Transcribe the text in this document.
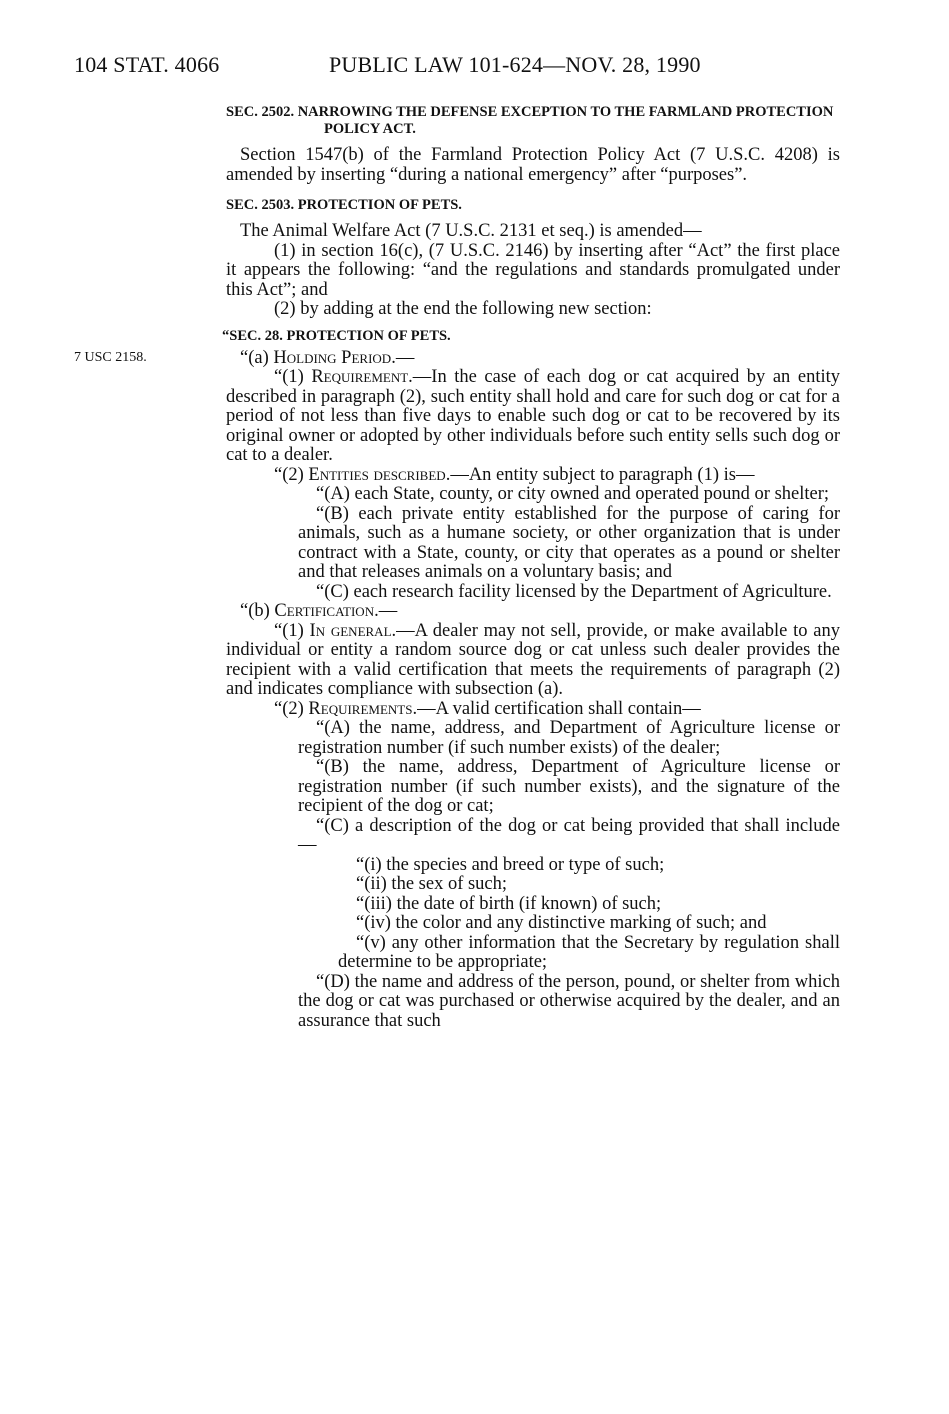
104 STAT. 4066	PUBLIC LAW 101-624—NOV. 28, 1990
7 USC 2158.

SEC. 2502. NARROWING THE DEFENSE EXCEPTION TO THE FARMLAND PROTECTION POLICY ACT.

Section 1547(b) of the Farmland Protection Policy Act (7 U.S.C. 4208) is amended by inserting “during a national emergency” after “purposes”.

SEC. 2503. PROTECTION OF PETS.

The Animal Welfare Act (7 U.S.C. 2131 et seq.) is amended—

(1) in section 16(c), (7 U.S.C. 2146) by inserting after “Act” the first place it appears the following: “and the regulations and standards promulgated under this Act”; and

(2) by adding at the end the following new section:

“SEC. 28. PROTECTION OF PETS.

“(a) Holding Period.—

“(1) Requirement.—In the case of each dog or cat acquired by an entity described in paragraph (2), such entity shall hold and care for such dog or cat for a period of not less than five days to enable such dog or cat to be recovered by its original owner or adopted by other individuals before such entity sells such dog or cat to a dealer.

“(2) Entities described.—An entity subject to paragraph (1) is—

“(A) each State, county, or city owned and operated pound or shelter;

“(B) each private entity established for the purpose of caring for animals, such as a humane society, or other organization that is under contract with a State, county, or city that operates as a pound or shelter and that releases animals on a voluntary basis; and

“(C) each research facility licensed by the Department of Agriculture.

“(b) Certification.—

“(1) In general.—A dealer may not sell, provide, or make available to any individual or entity a random source dog or cat unless such dealer provides the recipient with a valid certification that meets the requirements of paragraph (2) and indicates compliance with subsection (a).

“(2) Requirements.—A valid certification shall contain—

“(A) the name, address, and Department of Agriculture license or registration number (if such number exists) of the dealer;

“(B) the name, address, Department of Agriculture license or registration number (if such number exists), and the signature of the recipient of the dog or cat;

“(C) a description of the dog or cat being provided that shall include—

“(i) the species and breed or type of such;

“(ii) the sex of such;

“(iii) the date of birth (if known) of such;

“(iv) the color and any distinctive marking of such; and

“(v) any other information that the Secretary by regulation shall determine to be appropriate;

“(D) the name and address of the person, pound, or shelter from which the dog or cat was purchased or otherwise acquired by the dealer, and an assurance that such
